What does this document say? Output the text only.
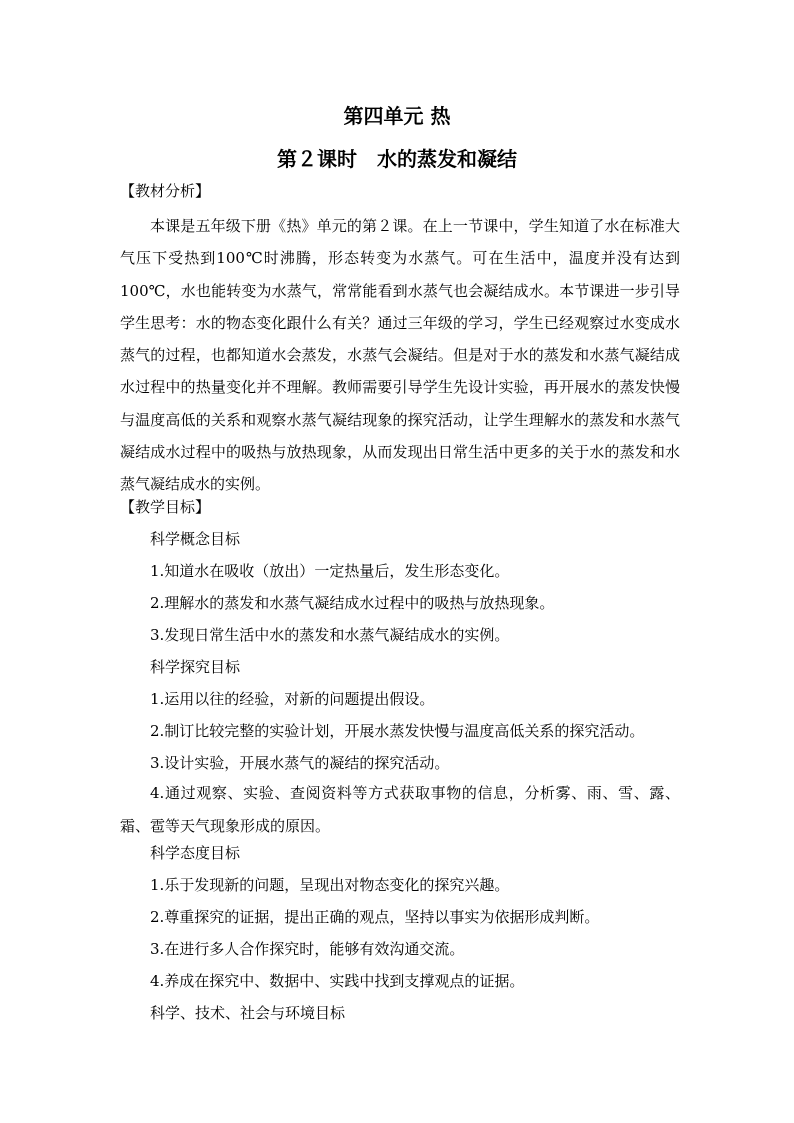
第四单元 热
第２课时　水的蒸发和凝结
【教材分析】

本课是五年级下册《热》单元的第２课。在上一节课中，学生知道了水在标准大气压下受热到100℃时沸腾，形态转变为水蒸气。可在生活中，温度并没有达到 100℃，水也能转变为水蒸气，常常能看到水蒸气也会凝结成水。本节课进一步引导学生思考：水的物态变化跟什么有关？通过三年级的学习，学生已经观察过水变成水蒸气的过程，也都知道水会蒸发，水蒸气会凝结。但是对于水的蒸发和水蒸气凝结成水过程中的热量变化并不理解。教师需要引导学生先设计实验，再开展水的蒸发快慢与温度高低的关系和观察水蒸气凝结现象的探究活动，让学生理解水的蒸发和水蒸气凝结成水过程中的吸热与放热现象，从而发现出日常生活中更多的关于水的蒸发和水蒸气凝结成水的实例。

【教学目标】
科学概念目标
1.知道水在吸收（放出）一定热量后，发生形态变化。
2.理解水的蒸发和水蒸气凝结成水过程中的吸热与放热现象。
3.发现日常生活中水的蒸发和水蒸气凝结成水的实例。
科学探究目标
1.运用以往的经验，对新的问题提出假设。
2.制订比较完整的实验计划，开展水蒸发快慢与温度高低关系的探究活动。
3.设计实验，开展水蒸气的凝结的探究活动。

4.通过观察、实验、查阅资料等方式获取事物的信息，分析雾、雨、雪、露、霜、雹等天气现象形成的原因。

科学态度目标
1.乐于发现新的问题，呈现出对物态变化的探究兴趣。
2.尊重探究的证据，提出正确的观点，坚持以事实为依据形成判断。
3.在进行多人合作探究时，能够有效沟通交流。
4.养成在探究中、数据中、实践中找到支撑观点的证据。
科学、技术、社会与环境目标
